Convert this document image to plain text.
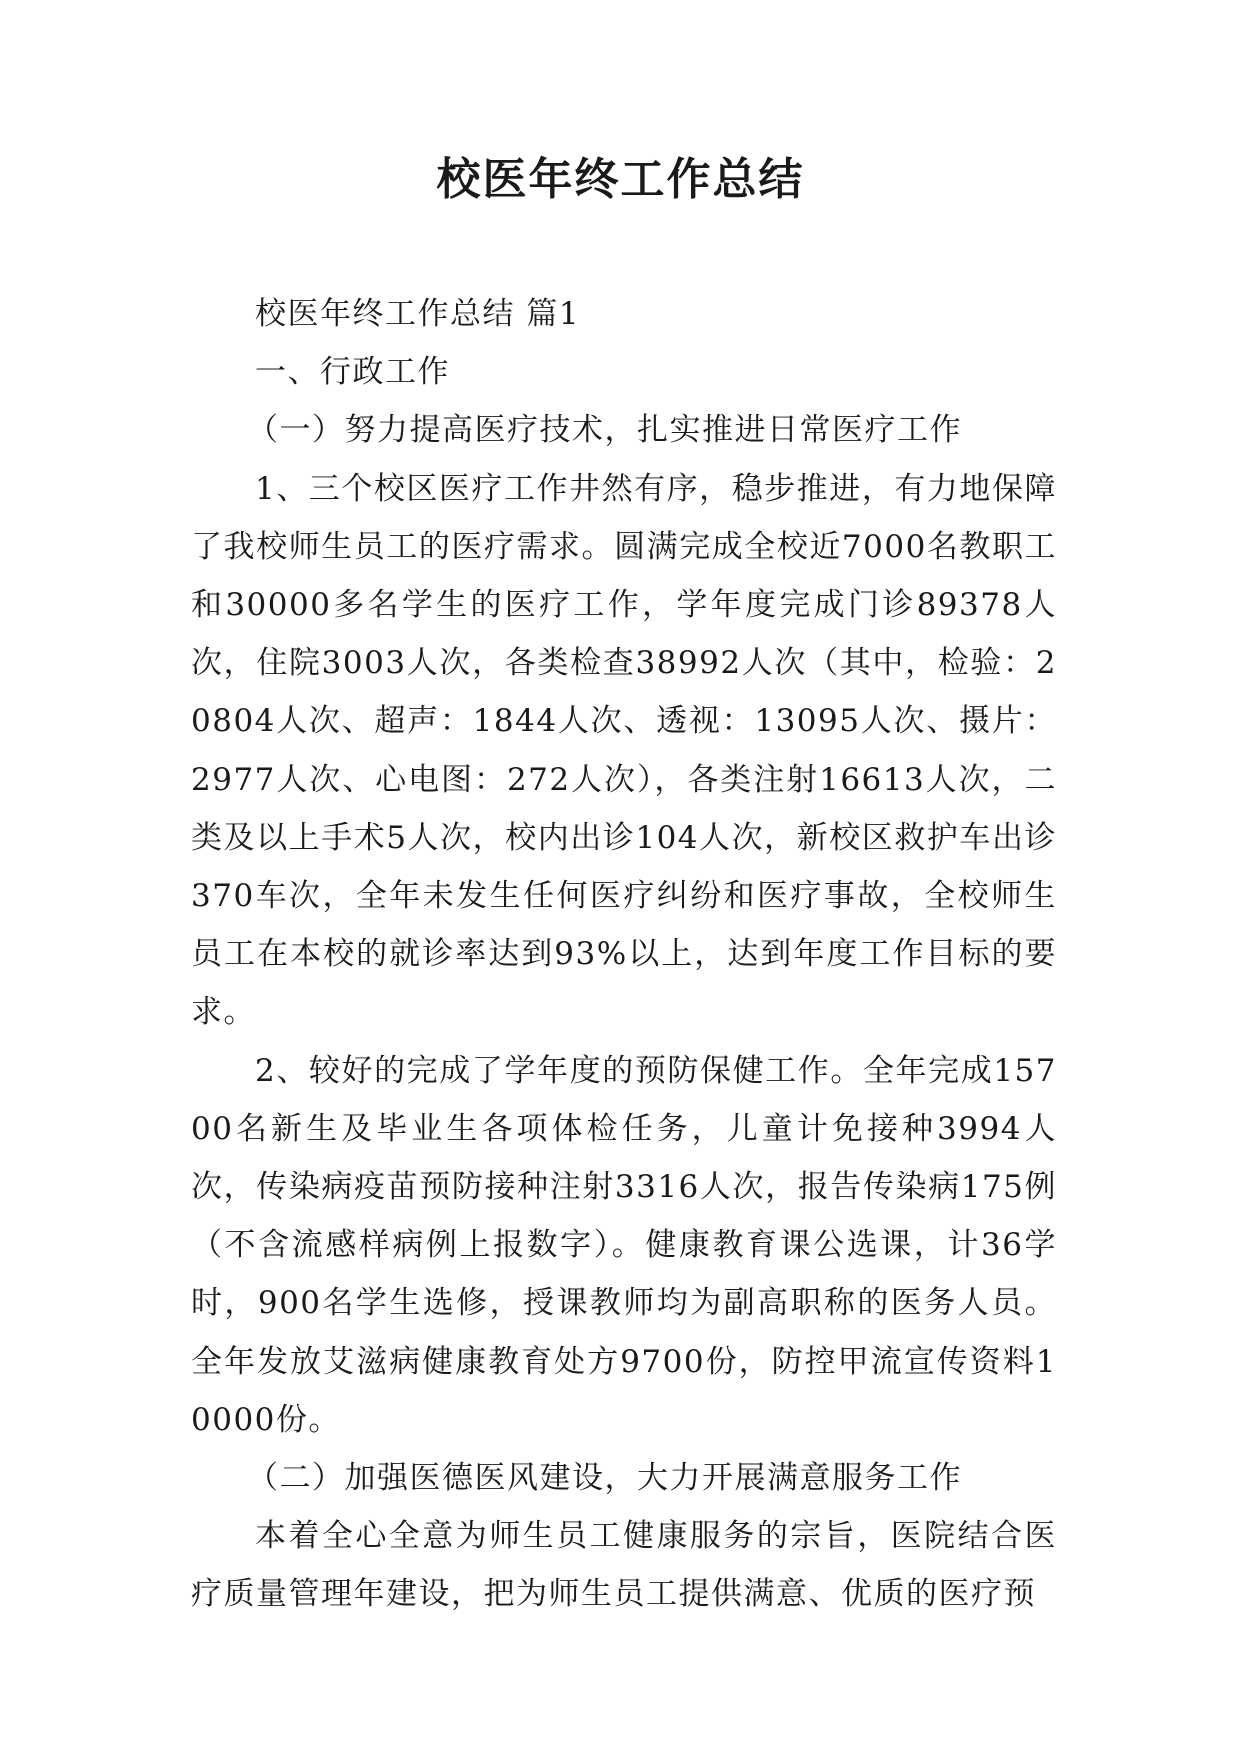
校医年终工作总结

校医年终工作总结 篇1

一、行政工作

（一）努力提高医疗技术，扎实推进日常医疗工作

1、三个校区医疗工作井然有序，稳步推进，有力地保障了我校师生员工的医疗需求。圆满完成全校近7000名教职工和30000多名学生的医疗工作，学年度完成门诊89378人次，住院3003人次，各类检查38992人次（其中，检验：20804人次、超声：1844人次、透视：13095人次、摄片：2977人次、心电图：272人次），各类注射16613人次，二类及以上手术5人次，校内出诊104人次，新校区救护车出诊370车次，全年未发生任何医疗纠纷和医疗事故，全校师生员工在本校的就诊率达到93%以上，达到年度工作目标的要求。

2、较好的完成了学年度的预防保健工作。全年完成15700名新生及毕业生各项体检任务，儿童计免接种3994人次，传染病疫苗预防接种注射3316人次，报告传染病175例（不含流感样病例上报数字）。健康教育课公选课，计36学时，900名学生选修，授课教师均为副高职称的医务人员。全年发放艾滋病健康教育处方9700份，防控甲流宣传资料10000份。

（二）加强医德医风建设，大力开展满意服务工作

本着全心全意为师生员工健康服务的宗旨，医院结合医疗质量管理年建设，把为师生员工提供满意、优质的医疗预
